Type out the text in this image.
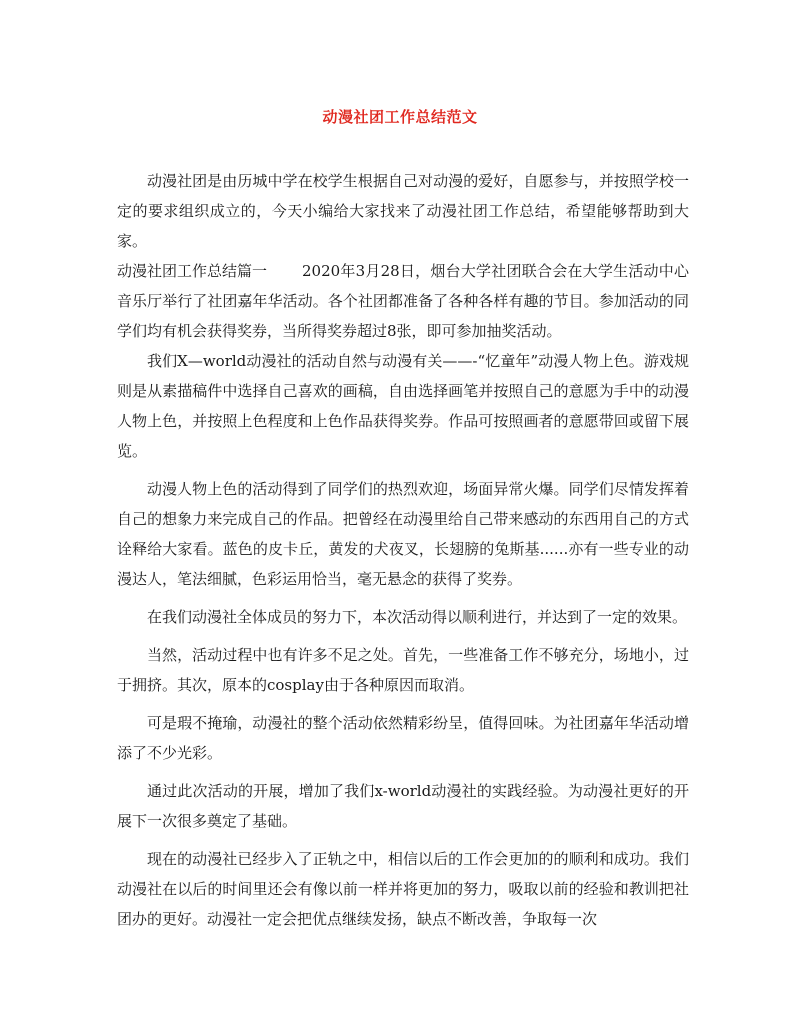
动漫社团工作总结范文

动漫社团是由历城中学在校学生根据自己对动漫的爱好，自愿参与，并按照学校一定的要求组织成立的，今天小编给大家找来了动漫社团工作总结，希望能够帮助到大家。

动漫社团工作总结篇一 2020年3月28日，烟台大学社团联合会在大学生活动中心音乐厅举行了社团嘉年华活动。各个社团都准备了各种各样有趣的节目。参加活动的同学们均有机会获得奖券，当所得奖券超过8张，即可参加抽奖活动。

我们X—world动漫社的活动自然与动漫有关——-“忆童年”动漫人物上色。游戏规则是从素描稿件中选择自己喜欢的画稿，自由选择画笔并按照自己的意愿为手中的动漫人物上色，并按照上色程度和上色作品获得奖券。作品可按照画者的意愿带回或留下展览。

动漫人物上色的活动得到了同学们的热烈欢迎，场面异常火爆。同学们尽情发挥着自己的想象力来完成自己的作品。把曾经在动漫里给自己带来感动的东西用自己的方式诠释给大家看。蓝色的皮卡丘，黄发的犬夜叉，长翅膀的兔斯基......亦有一些专业的动漫达人，笔法细腻，色彩运用恰当，毫无悬念的获得了奖券。

在我们动漫社全体成员的努力下，本次活动得以顺利进行，并达到了一定的效果。

当然，活动过程中也有许多不足之处。首先，一些准备工作不够充分，场地小，过于拥挤。其次，原本的cosplay由于各种原因而取消。

可是瑕不掩瑜，动漫社的整个活动依然精彩纷呈，值得回味。为社团嘉年华活动增添了不少光彩。

通过此次活动的开展，增加了我们x-world动漫社的实践经验。为动漫社更好的开展下一次很多奠定了基础。

现在的动漫社已经步入了正轨之中，相信以后的工作会更加的的顺利和成功。我们动漫社在以后的时间里还会有像以前一样并将更加的努力，吸取以前的经验和教训把社团办的更好。动漫社一定会把优点继续发扬，缺点不断改善，争取每一次
